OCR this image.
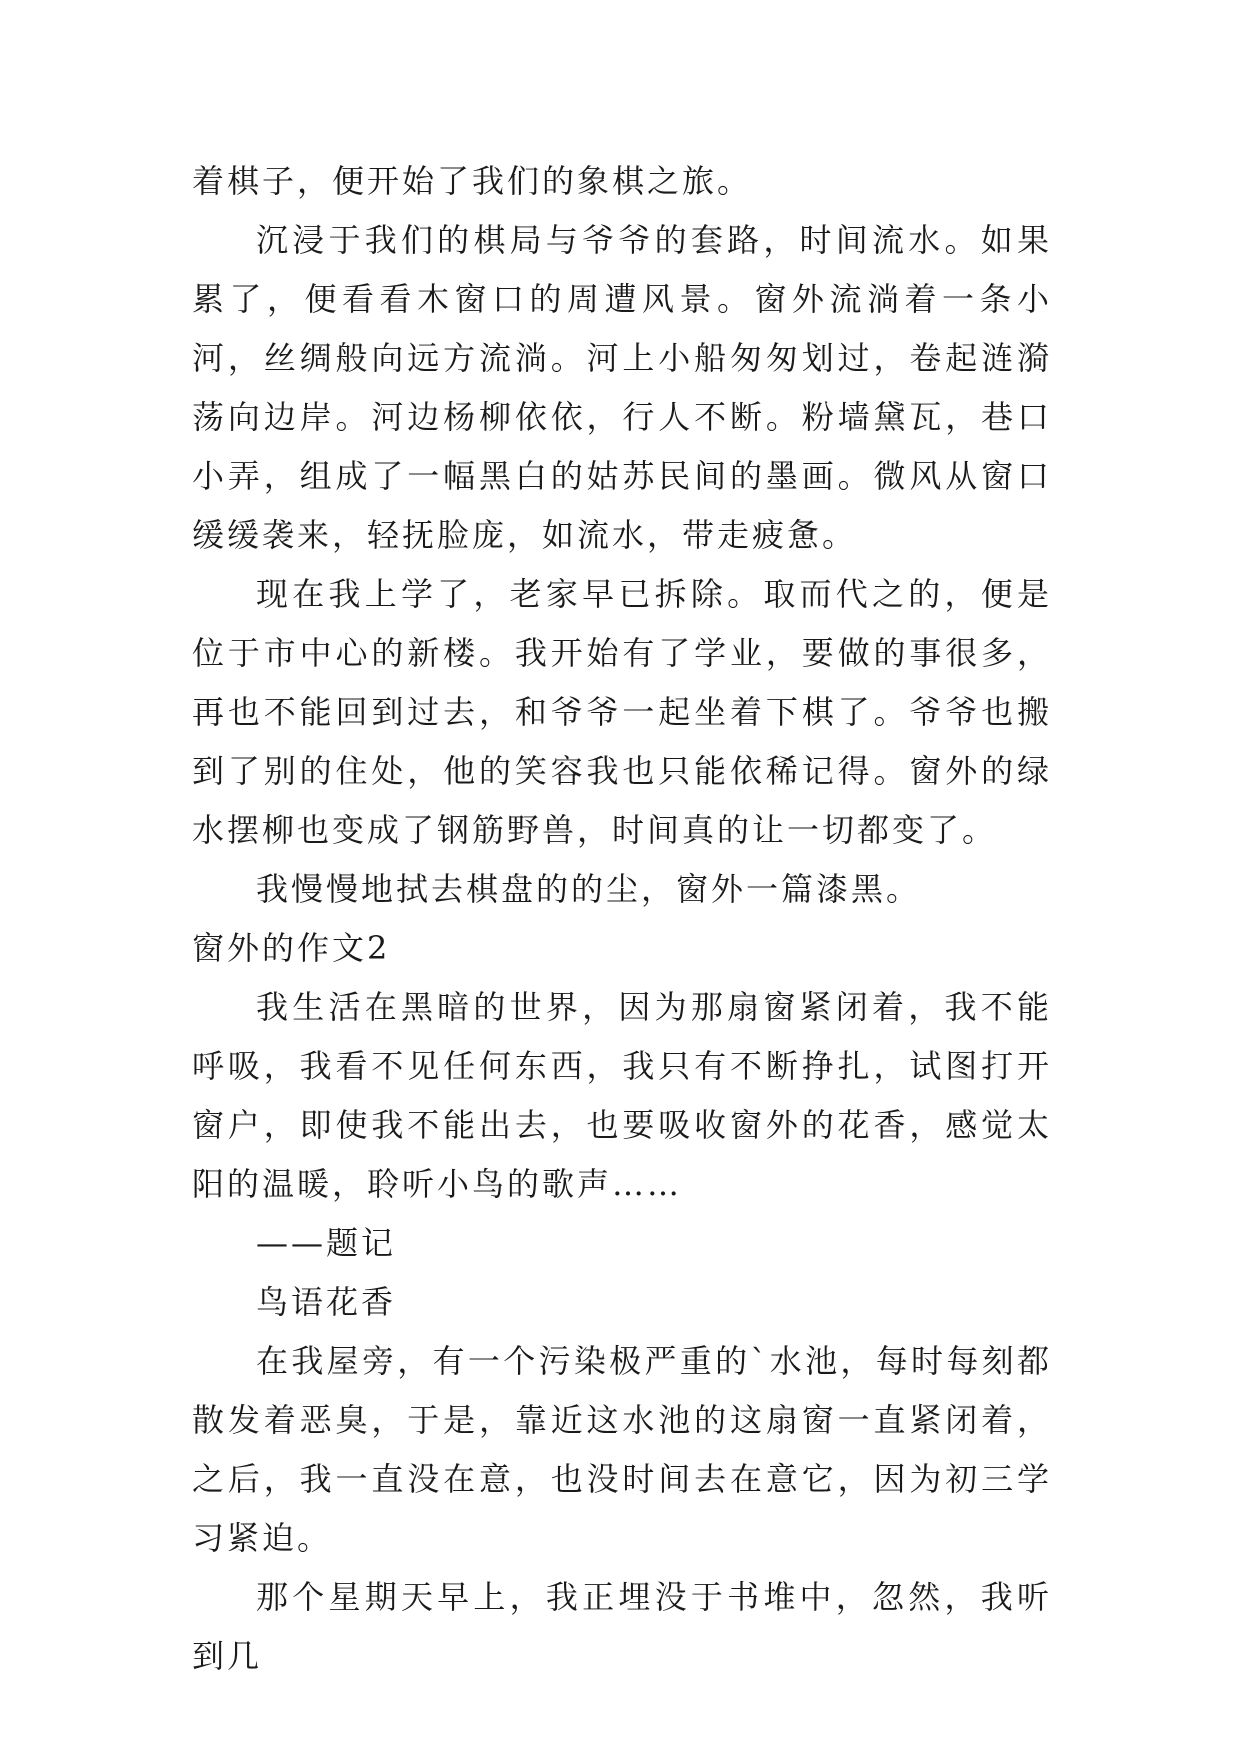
着棋子，便开始了我们的象棋之旅。

沉浸于我们的棋局与爷爷的套路，时间流水。如果累了，便看看木窗口的周遭风景。窗外流淌着一条小河，丝绸般向远方流淌。河上小船匆匆划过，卷起涟漪荡向边岸。河边杨柳依依，行人不断。粉墙黛瓦，巷口小弄，组成了一幅黑白的姑苏民间的墨画。微风从窗口缓缓袭来，轻抚脸庞，如流水，带走疲惫。

现在我上学了，老家早已拆除。取而代之的，便是位于市中心的新楼。我开始有了学业，要做的事很多，再也不能回到过去，和爷爷一起坐着下棋了。爷爷也搬到了别的住处，他的笑容我也只能依稀记得。窗外的绿水摆柳也变成了钢筋野兽，时间真的让一切都变了。

我慢慢地拭去棋盘的的尘，窗外一篇漆黑。

窗外的作文2

我生活在黑暗的世界，因为那扇窗紧闭着，我不能呼吸，我看不见任何东西，我只有不断挣扎，试图打开窗户，即使我不能出去，也要吸收窗外的花香，感觉太阳的温暖，聆听小鸟的歌声……

——题记

鸟语花香

在我屋旁，有一个污染极严重的`水池，每时每刻都散发着恶臭，于是，靠近这水池的这扇窗一直紧闭着，之后，我一直没在意，也没时间去在意它，因为初三学习紧迫。

那个星期天早上，我正埋没于书堆中，忽然，我听到几
